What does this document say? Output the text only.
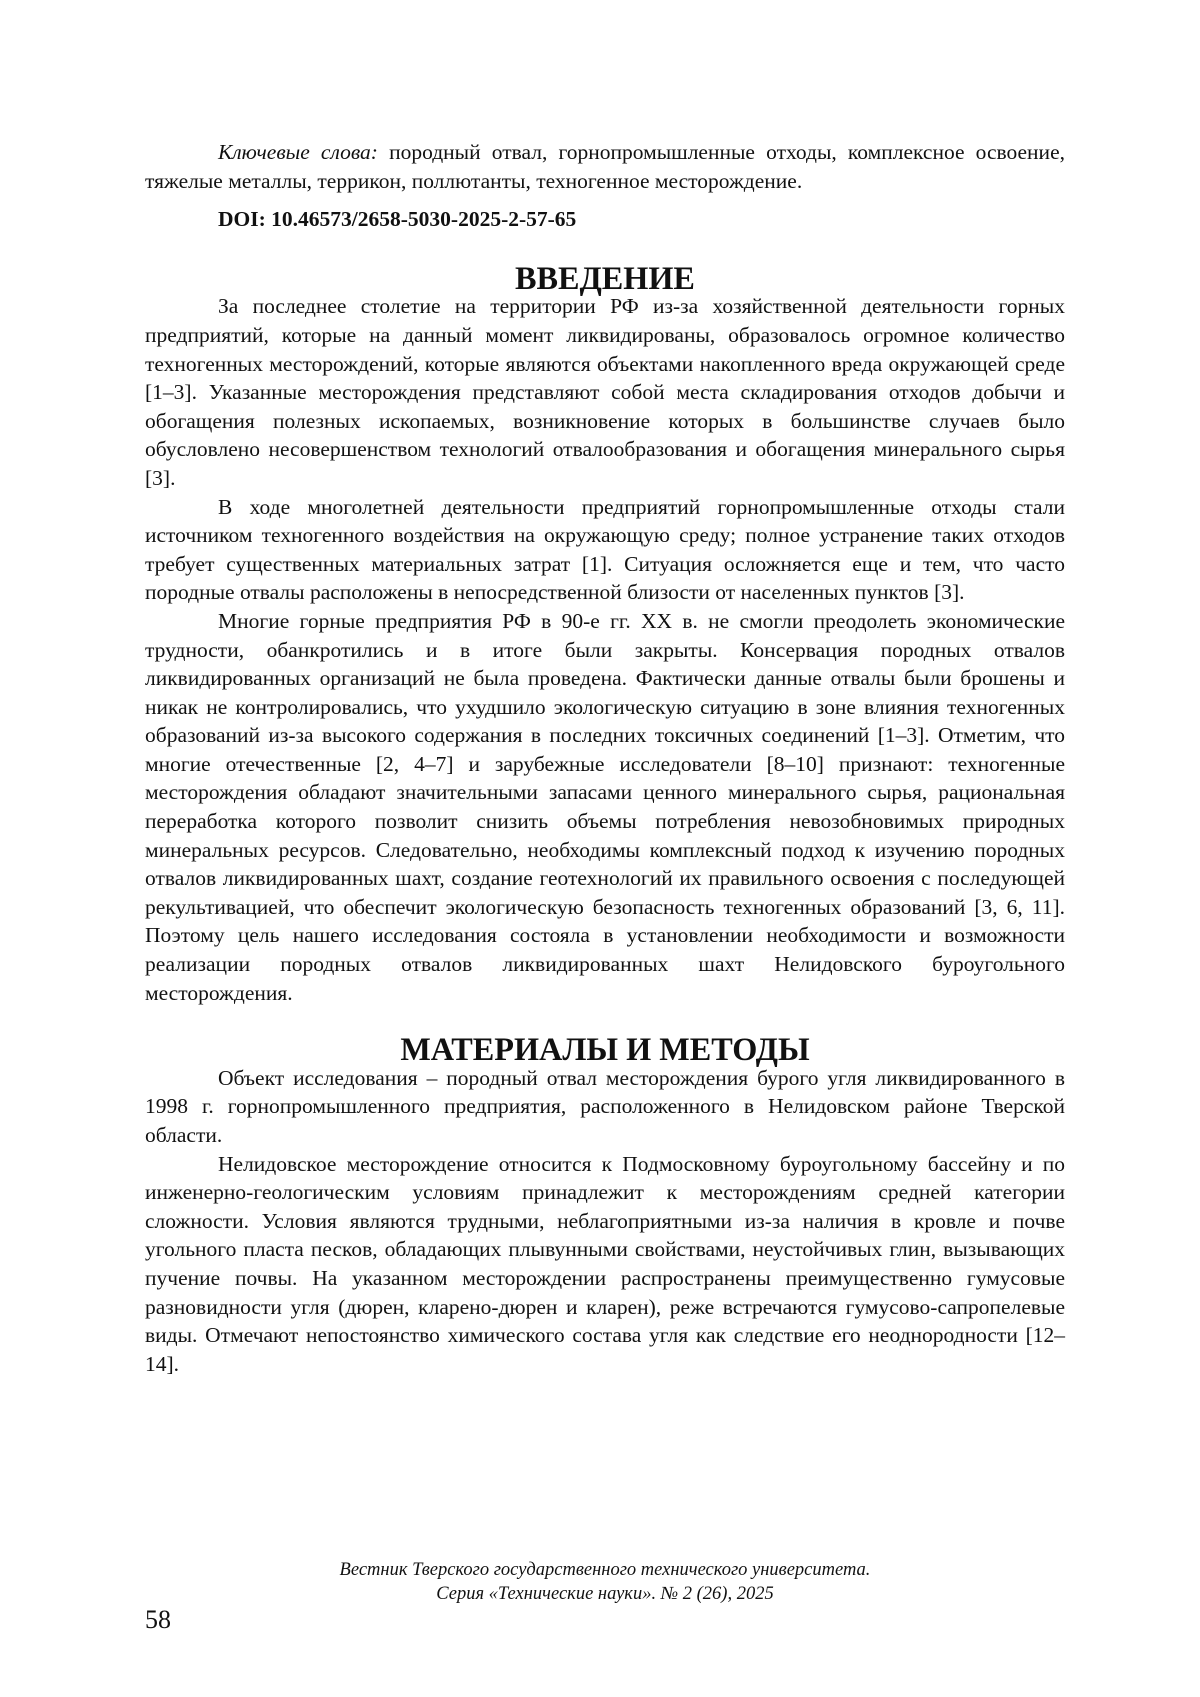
Ключевые слова: породный отвал, горнопромышленные отходы, комплексное освоение, тяжелые металлы, террикон, поллютанты, техногенное месторождение.

DOI: 10.46573/2658-5030-2025-2-57-65
ВВЕДЕНИЕ

За последнее столетие на территории РФ из-за хозяйственной деятельности горных предприятий, которые на данный момент ликвидированы, образовалось огромное количество техногенных месторождений, которые являются объектами накопленного вреда окружающей среде [1–3]. Указанные месторождения представляют собой места складирования отходов добычи и обогащения полезных ископаемых, возникновение которых в большинстве случаев было обусловлено несовершенством технологий отвалообразования и обогащения минерального сырья [3].

В ходе многолетней деятельности предприятий горнопромышленные отходы стали источником техногенного воздействия на окружающую среду; полное устранение таких отходов требует существенных материальных затрат [1]. Ситуация осложняется еще и тем, что часто породные отвалы расположены в непосредственной близости от населенных пунктов [3].

Многие горные предприятия РФ в 90-е гг. XX в. не смогли преодолеть экономические трудности, обанкротились и в итоге были закрыты. Консервация породных отвалов ликвидированных организаций не была проведена. Фактически данные отвалы были брошены и никак не контролировались, что ухудшило экологическую ситуацию в зоне влияния техногенных образований из-за высокого содержания в последних токсичных соединений [1–3]. Отметим, что многие отечественные [2, 4–7] и зарубежные исследователи [8–10] признают: техногенные месторождения обладают значительными запасами ценного минерального сырья, рациональная переработка которого позволит снизить объемы потребления невозобновимых природных минеральных ресурсов. Следовательно, необходимы комплексный подход к изучению породных отвалов ликвидированных шахт, создание геотехнологий их правильного освоения с последующей рекультивацией, что обеспечит экологическую безопасность техногенных образований [3, 6, 11]. Поэтому цель нашего исследования состояла в установлении необходимости и возможности реализации породных отвалов ликвидированных шахт Нелидовского буроугольного месторождения.

МАТЕРИАЛЫ И МЕТОДЫ

Объект исследования – породный отвал месторождения бурого угля ликвидированного в 1998 г. горнопромышленного предприятия, расположенного в Нелидовском районе Тверской области.

Нелидовское месторождение относится к Подмосковному буроугольному бассейну и по инженерно-геологическим условиям принадлежит к месторождениям средней категории сложности. Условия являются трудными, неблагоприятными из-за наличия в кровле и почве угольного пласта песков, обладающих плывунными свойствами, неустойчивых глин, вызывающих пучение почвы. На указанном месторождении распространены преимущественно гумусовые разновидности угля (дюрен, кларено-дюрен и кларен), реже встречаются гумусово-сапропелевые виды. Отмечают непостоянство химического состава угля как следствие его неоднородности [12–14].

Вестник Тверского государственного технического университета.
Серия «Технические науки». № 2 (26), 2025
58
